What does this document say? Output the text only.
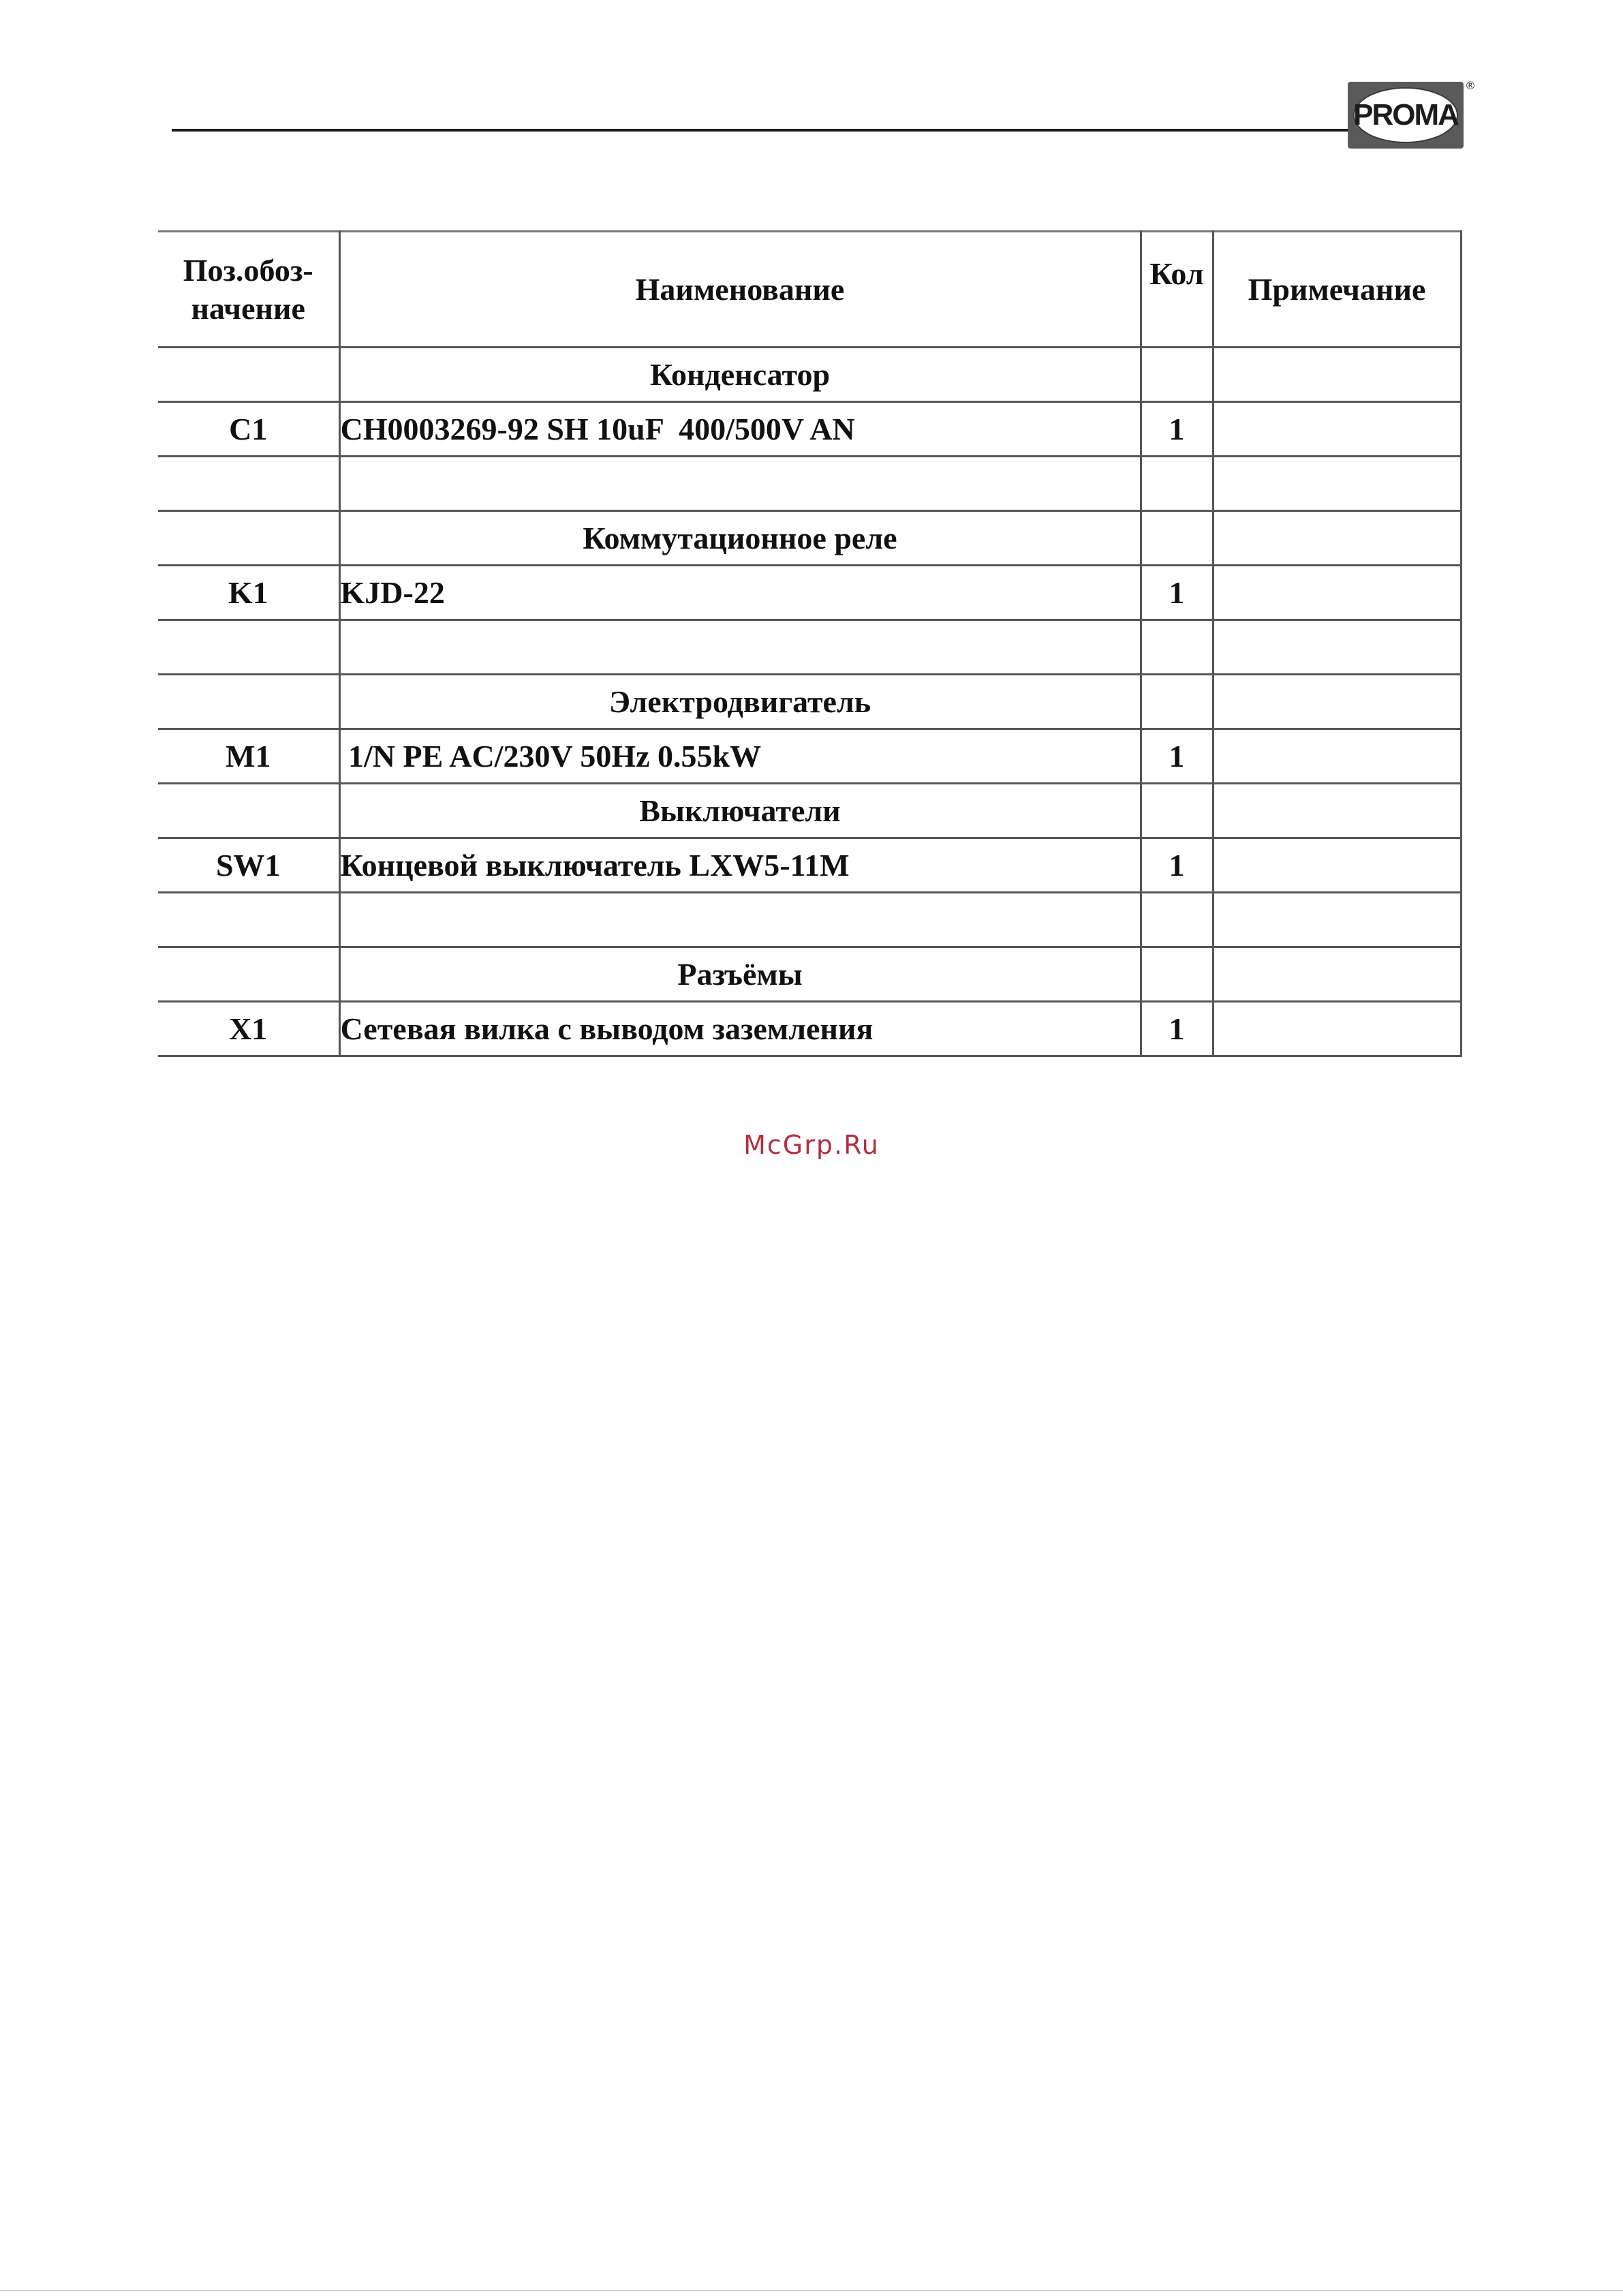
PROMA
®
Поз.обоз-
начение	Наименование	Кол	Примечание
	Конденсатор		
C1	CH0003269-92 SH 10uF  400/500V AN	1	

	Коммутационное реле		
K1	KJD-22	1	

	Электродвигатель		
M1	1/N PE AC/230V 50Hz 0.55kW	1	
	Выключатели		
SW1	Концевой выключатель LXW5-11M	1	

	Разъёмы		
X1	Сетевая вилка с выводом заземления	1	
McGrp.Ru
